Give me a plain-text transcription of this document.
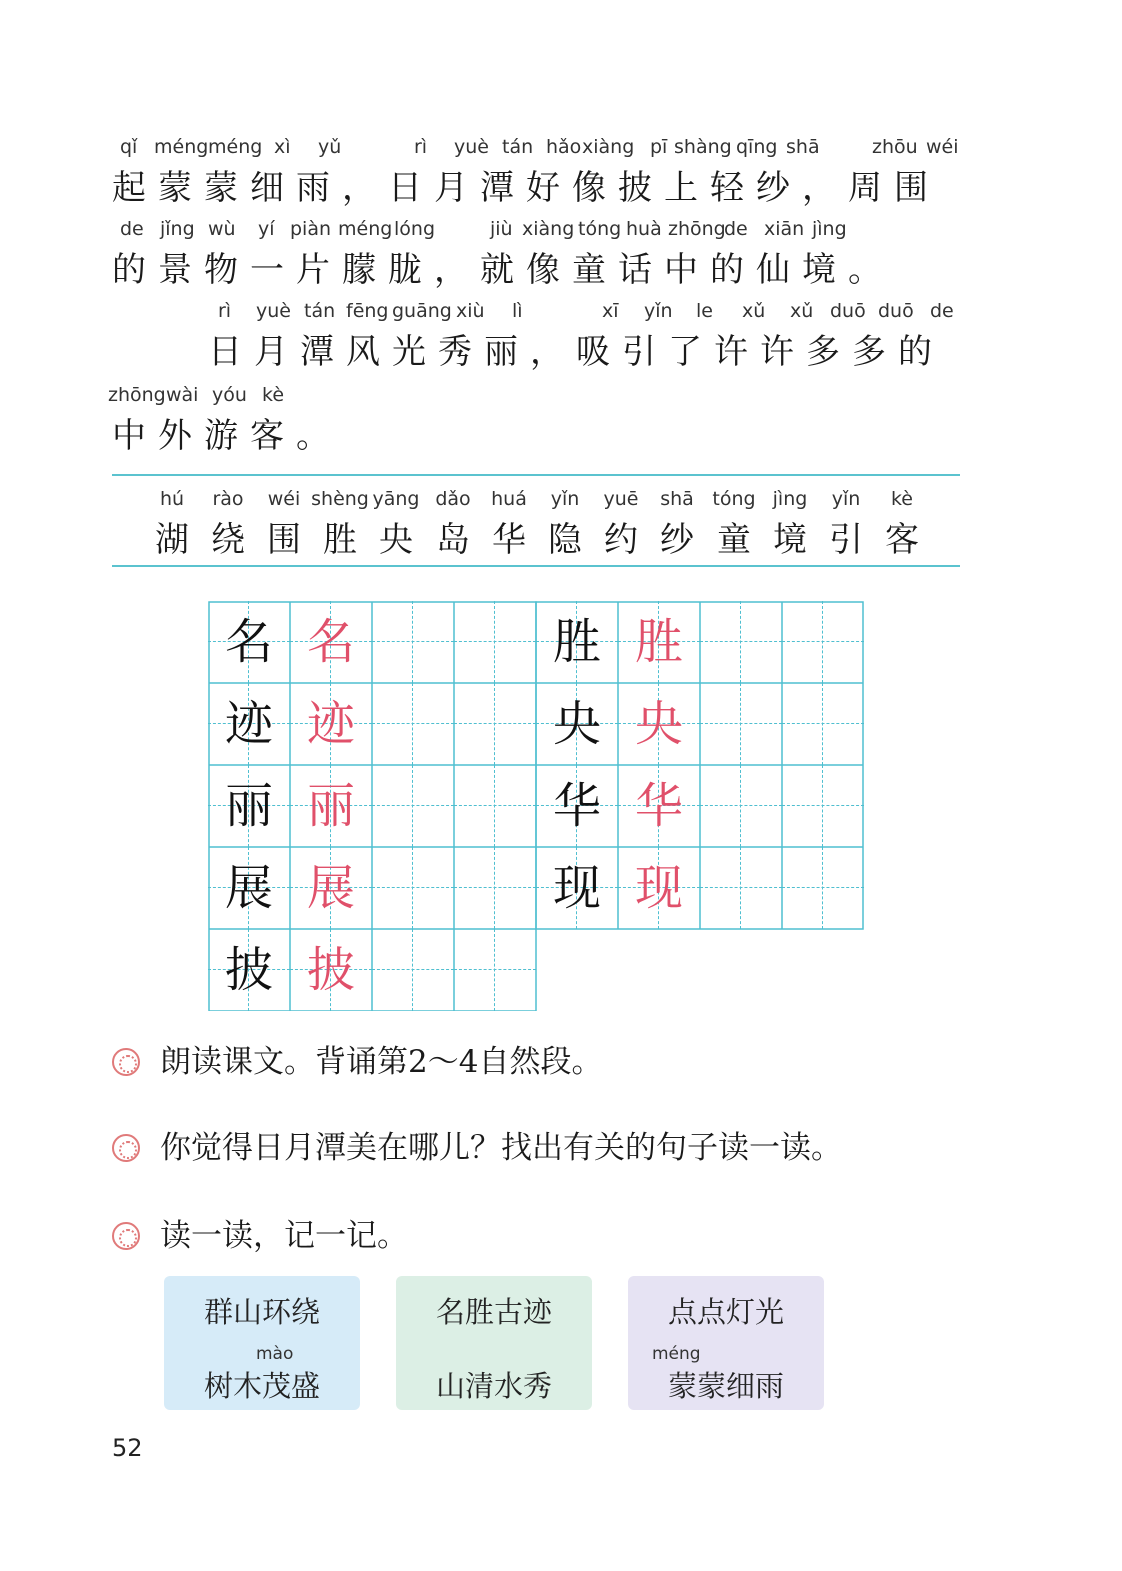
qǐ méng méng xì yǔ	rì yuè tán hǎo xiàng pī shàng qīng shā	zhōu wéi
起蒙蒙细雨，日月潭好像披上轻纱，周围
de jǐng wù yí piàn méng lóng	jiù xiàng tóng huà zhōng
de xiān jìng
的景物一片朦胧，就像童话中的仙境。
rì yuè tán fēng guāng xiù lì	xī yǐn le xǔ xǔ duō duō de
日月潭风光秀丽，吸引了许许多多的
zhōng wài yóu kè
中外游客。
hú
湖
rào
绕
wéi
围
shèng
胜
yāng
央
dǎo
岛
huá
华
yǐn
隐
yuē
约
shā
纱
tóng
童
jìng
境
yǐn
引
kè
客
名 名
迹 迹
丽 丽
展 展
披 披
胜 胜
央 央
华 华
现 现
朗读课文。背诵第2～4自然段。
你觉得日月潭美在哪儿？找出有关的句子读一读。
读一读，记一记。
群山环绕
mào
树木茂盛
名胜古迹
山清水秀
点点灯光
méng
蒙蒙细雨
52
